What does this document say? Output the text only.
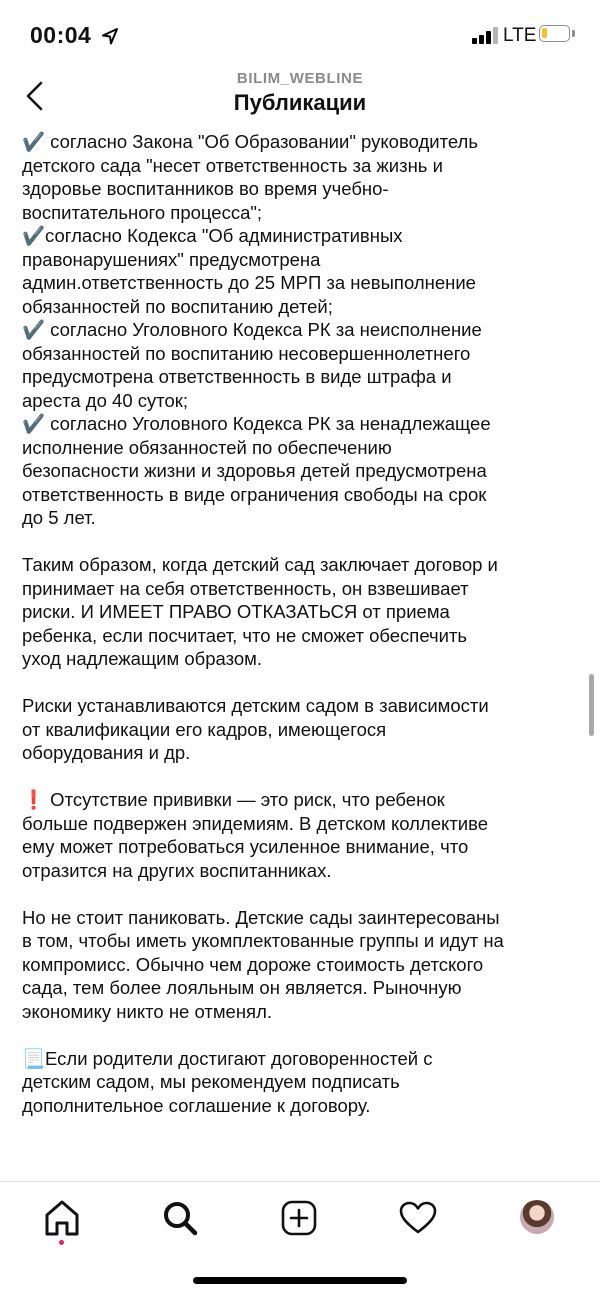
00:04	LTE
BILIM_WEBLINE
Публикации
✔️ согласно Закона "Об Образовании" руководитель
детского сада "несет ответственность за жизнь и
здоровье воспитанников во время учебно-
воспитательного процесса";
✔️согласно Кодекса "Об административных
правонарушениях" предусмотрена
админ.ответственность до 25 МРП за невыполнение
обязанностей по воспитанию детей;
✔️ согласно Уголовного Кодекса РК за неисполнение
обязанностей по воспитанию несовершеннолетнего
предусмотрена ответственность в виде штрафа и
ареста до 40 суток;
✔️ согласно Уголовного Кодекса РК за ненадлежащее
исполнение обязанностей по обеспечению
безопасности жизни и здоровья детей предусмотрена
ответственность в виде ограничения свободы на срок
до 5 лет.
Таким образом, когда детский сад заключает договор и
принимает на себя ответственность, он взвешивает
риски. И ИМЕЕТ ПРАВО ОТКАЗАТЬСЯ от приема
ребенка, если посчитает, что не сможет обеспечить
уход надлежащим образом.
Риски устанавливаются детским садом в зависимости
от квалификации его кадров, имеющегося
оборудования и др.
❗ Отсутствие прививки — это риск, что ребенок
больше подвержен эпидемиям. В детском коллективе
ему может потребоваться усиленное внимание, что
отразится на других воспитанниках.
Но не стоит паниковать. Детские сады заинтересованы
в том, чтобы иметь укомплектованные группы и идут на
компромисс. Обычно чем дороже стоимость детского
сада, тем более лояльным он является. Рыночную
экономику никто не отменял.
📃Если родители достигают договоренностей с
детским садом, мы рекомендуем подписать
дополнительное соглашение к договору.
